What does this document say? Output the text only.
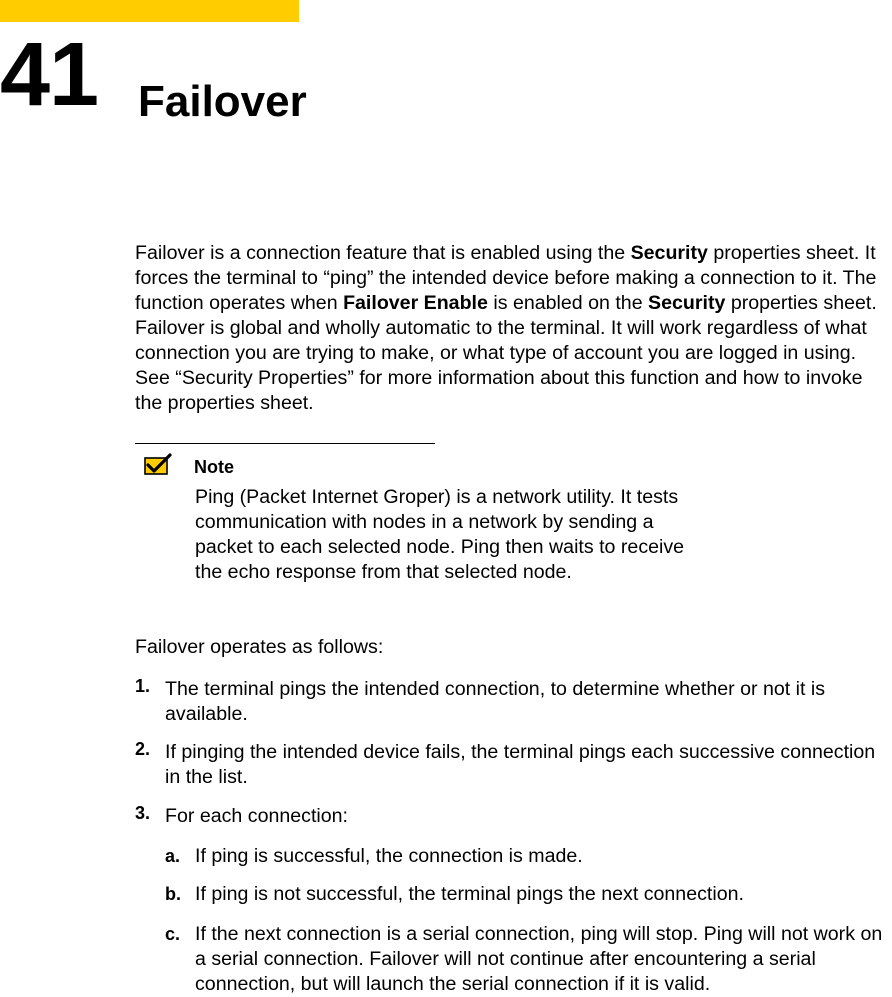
41 Failover

Failover is a connection feature that is enabled using the Security properties sheet. It forces the terminal to “ping” the intended device before making a connection to it. The function operates when Failover Enable is enabled on the Security properties sheet. Failover is global and wholly automatic to the terminal. It will work regardless of what connection you are trying to make, or what type of account you are logged in using. See “Security Properties” for more information about this function and how to invoke the properties sheet.

Note

Ping (Packet Internet Groper) is a network utility. It tests communication with nodes in a network by sending a packet to each selected node. Ping then waits to receive the echo response from that selected node.

Failover operates as follows:

1. The terminal pings the intended connection, to determine whether or not it is available.

2. If pinging the intended device fails, the terminal pings each successive connection in the list.

3. For each connection:

a. If ping is successful, the connection is made.

b. If ping is not successful, the terminal pings the next connection.

c. If the next connection is a serial connection, ping will stop. Ping will not work on a serial connection. Failover will not continue after encountering a serial connection, but will launch the serial connection if it is valid.
